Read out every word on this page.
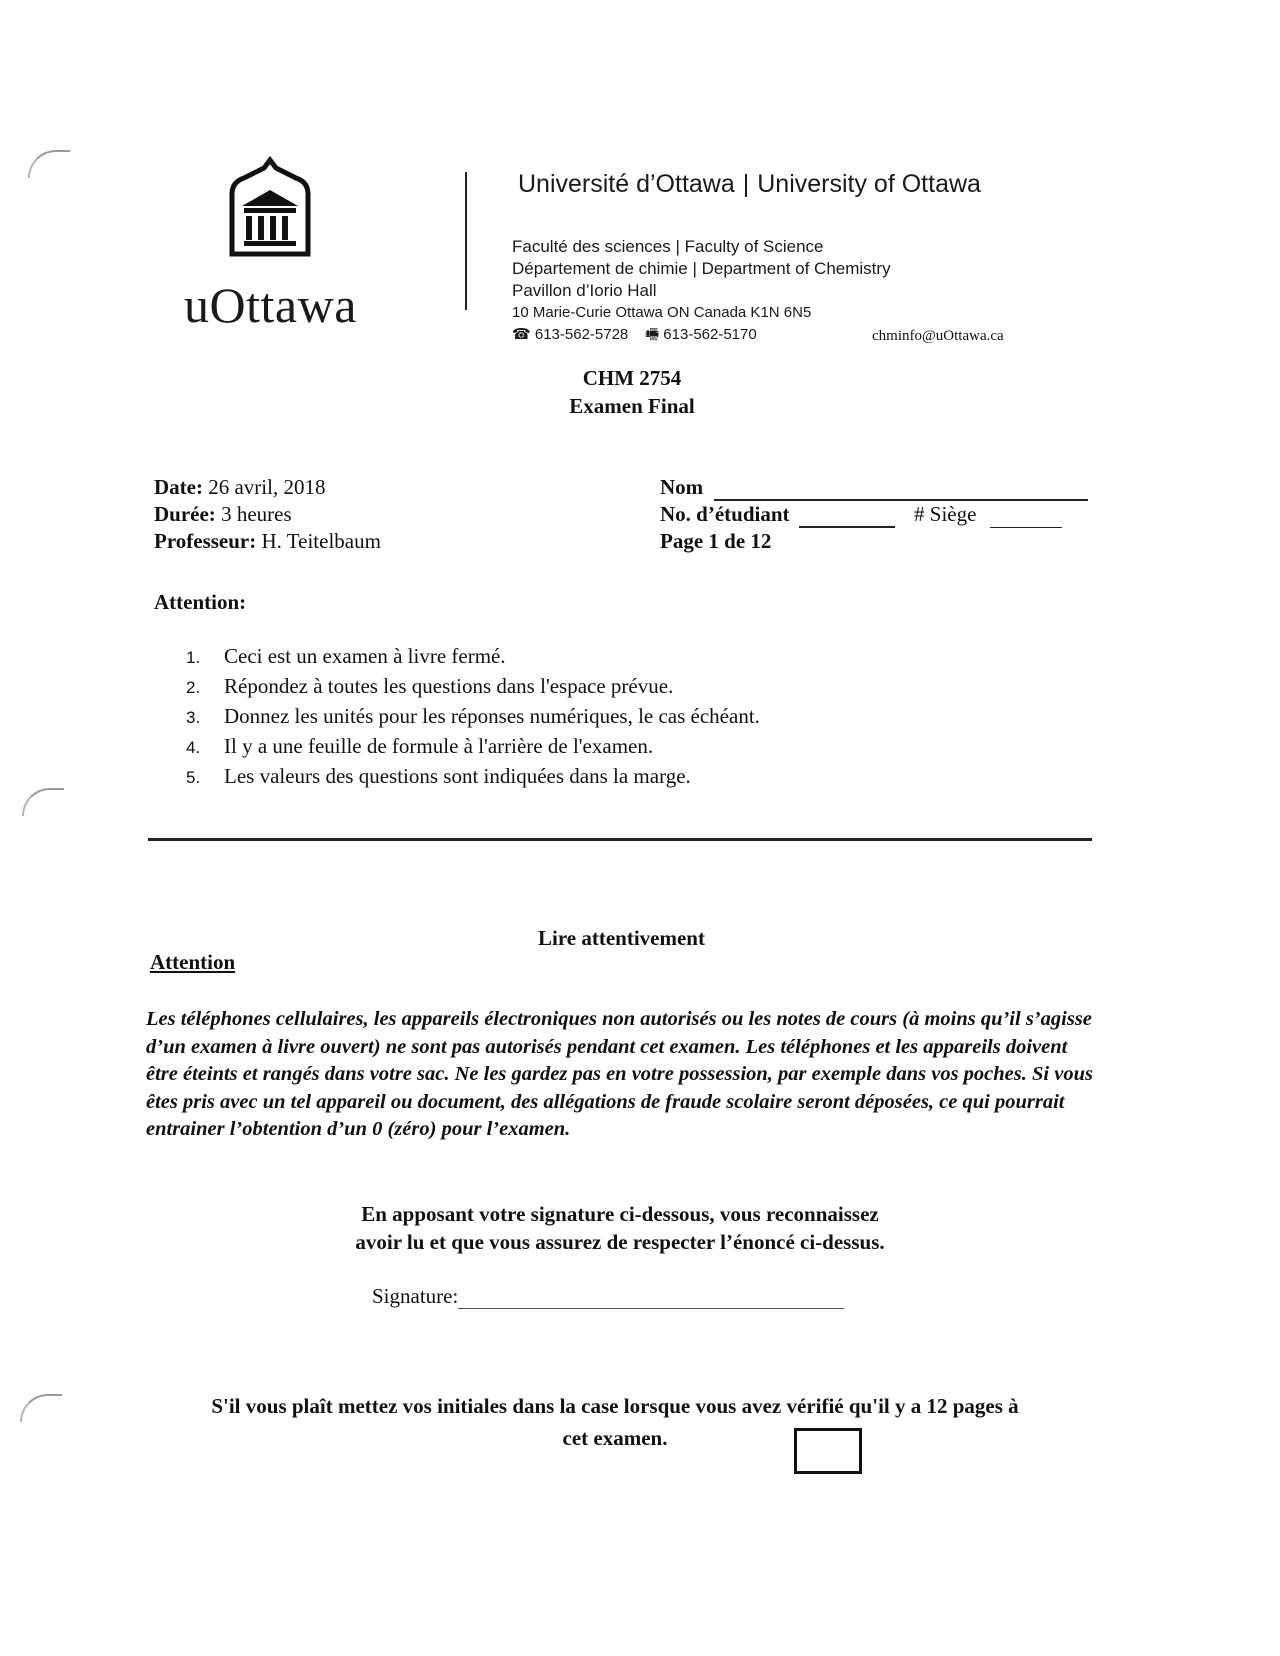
uOttawa
Université d’Ottawa | University of Ottawa
Faculté des sciences | Faculty of Science
Département de chimie | Department of Chemistry
Pavillon d’Iorio Hall
10 Marie-Curie Ottawa ON Canada K1N 6N5
☎ 613-562-5728 🖷 613-562-5170	chminfo@uOttawa.ca
CHM 2754
Examen Final
Date: 26 avril, 2018
Durée: 3 heures
Professeur: H. Teitelbaum
Nom
No. d’étudiant	# Siège
Page 1 de 12
Attention:
1.	Ceci est un examen à livre fermé.
2.	Répondez à toutes les questions dans l'espace prévue.
3.	Donnez les unités pour les réponses numériques, le cas échéant.
4.	Il y a une feuille de formule à l'arrière de l'examen.
5.	Les valeurs des questions sont indiquées dans la marge.
Lire attentivement
Attention
Les téléphones cellulaires, les appareils électroniques non autorisés ou les notes de cours (à moins qu’il s’agisse d’un examen à livre ouvert) ne sont pas autorisés pendant cet examen. Les téléphones et les appareils doivent être éteints et rangés dans votre sac. Ne les gardez pas en votre possession, par exemple dans vos poches. Si vous êtes pris avec un tel appareil ou document, des allégations de fraude scolaire seront déposées, ce qui pourrait entrainer l’obtention d’un 0 (zéro) pour l’examen.
En apposant votre signature ci-dessous, vous reconnaissez
avoir lu et que vous assurez de respecter l’énoncé ci-dessus.
Signature:
S'il vous plaît mettez vos initiales dans la case lorsque vous avez vérifié qu'il y a 12 pages à
cet examen.
